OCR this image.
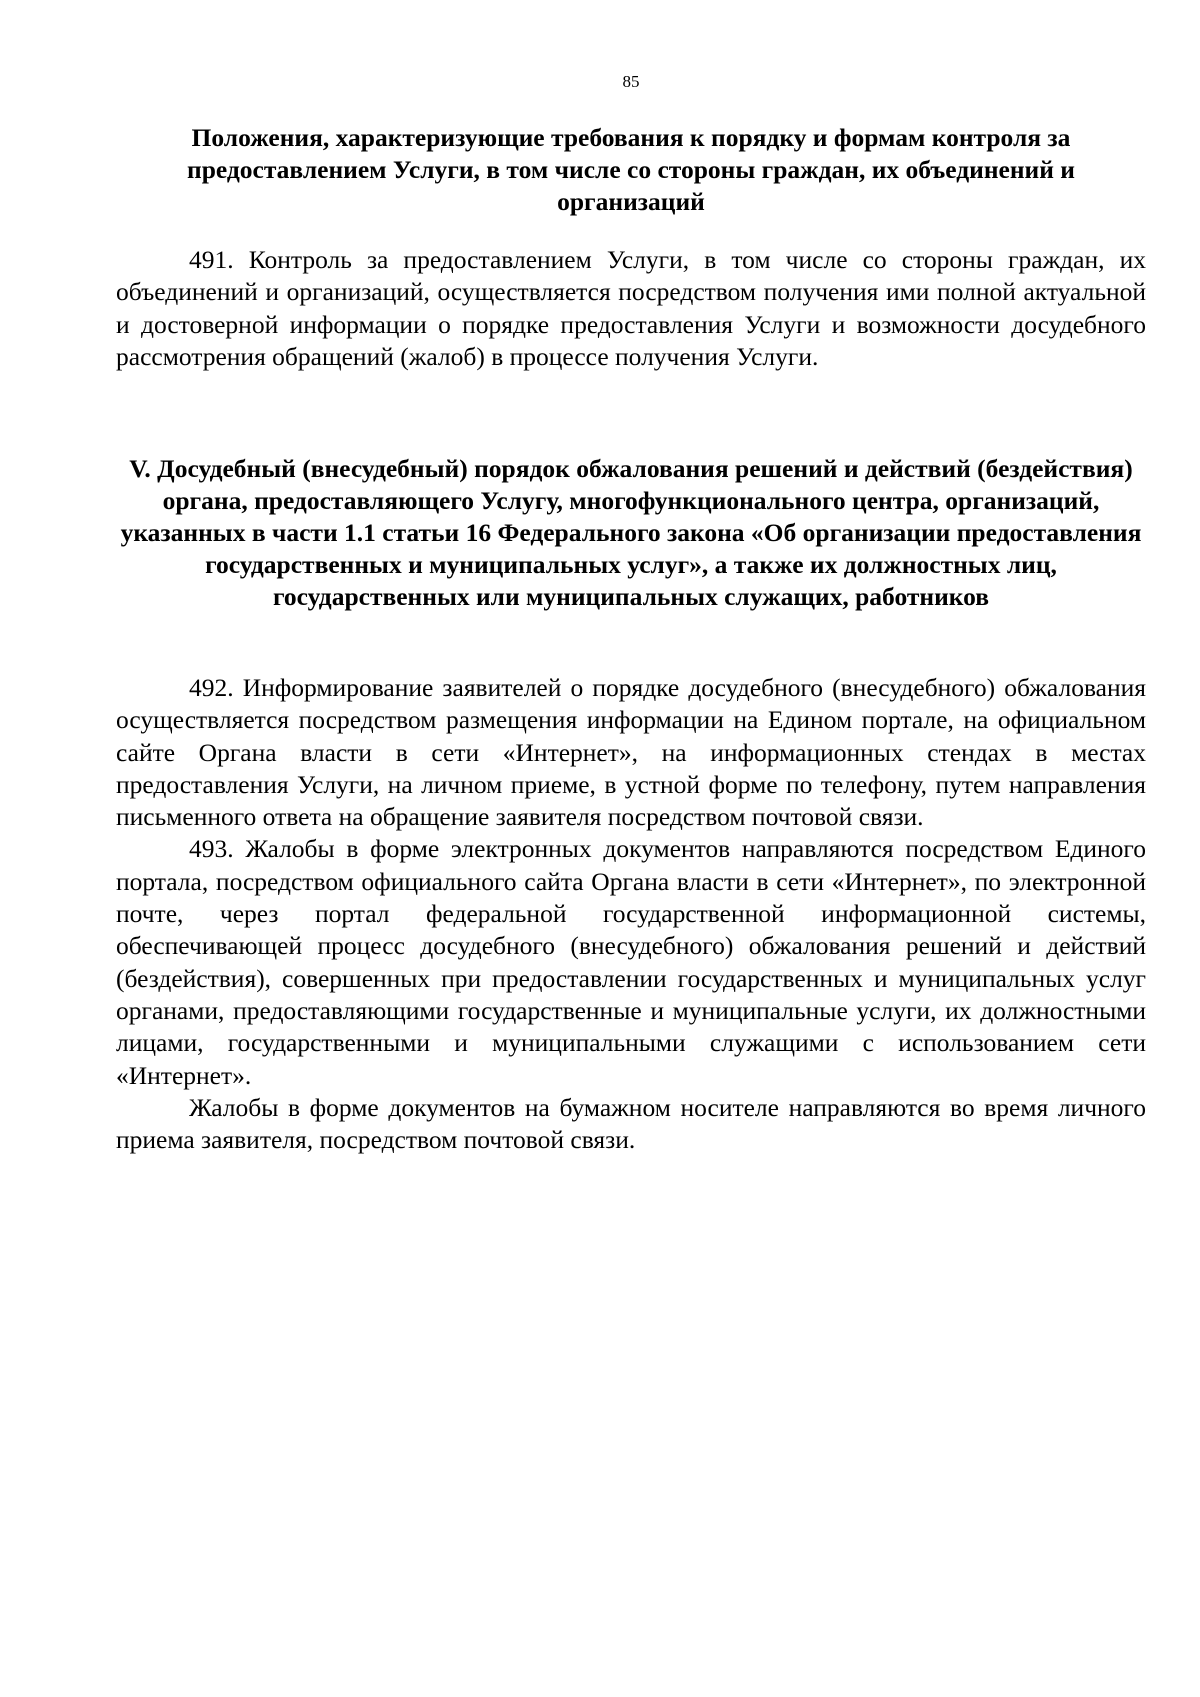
85
Положения, характеризующие требования к порядку и формам контроля за предоставлением Услуги, в том числе со стороны граждан, их объединений и организаций

491. Контроль за предоставлением Услуги, в том числе со стороны граждан, их объединений и организаций, осуществляется посредством получения ими полной актуальной и достоверной информации о порядке предоставления Услуги и возможности досудебного рассмотрения обращений (жалоб) в процессе получения Услуги.

V. Досудебный (внесудебный) порядок обжалования решений и действий (бездействия) органа, предоставляющего Услугу, многофункционального центра, организаций, указанных в части 1.1 статьи 16 Федерального закона «Об организации предоставления государственных и муниципальных услуг», а также их должностных лиц, государственных или муниципальных служащих, работников

492. Информирование заявителей о порядке досудебного (внесудебного) обжалования осуществляется посредством размещения информации на Едином портале, на официальном сайте Органа власти в сети «Интернет», на информационных стендах в местах предоставления Услуги, на личном приеме, в устной форме по телефону, путем направления письменного ответа на обращение заявителя посредством почтовой связи.

493. Жалобы в форме электронных документов направляются посредством Единого портала, посредством официального сайта Органа власти в сети «Интернет», по электронной почте, через портал федеральной государственной информационной системы, обеспечивающей процесс досудебного (внесудебного) обжалования решений и действий (бездействия), совершенных при предоставлении государственных и муниципальных услуг органами, предоставляющими государственные и муниципальные услуги, их должностными лицами, государственными и муниципальными служащими с использованием сети «Интернет».

Жалобы в форме документов на бумажном носителе направляются во время личного приема заявителя, посредством почтовой связи.
